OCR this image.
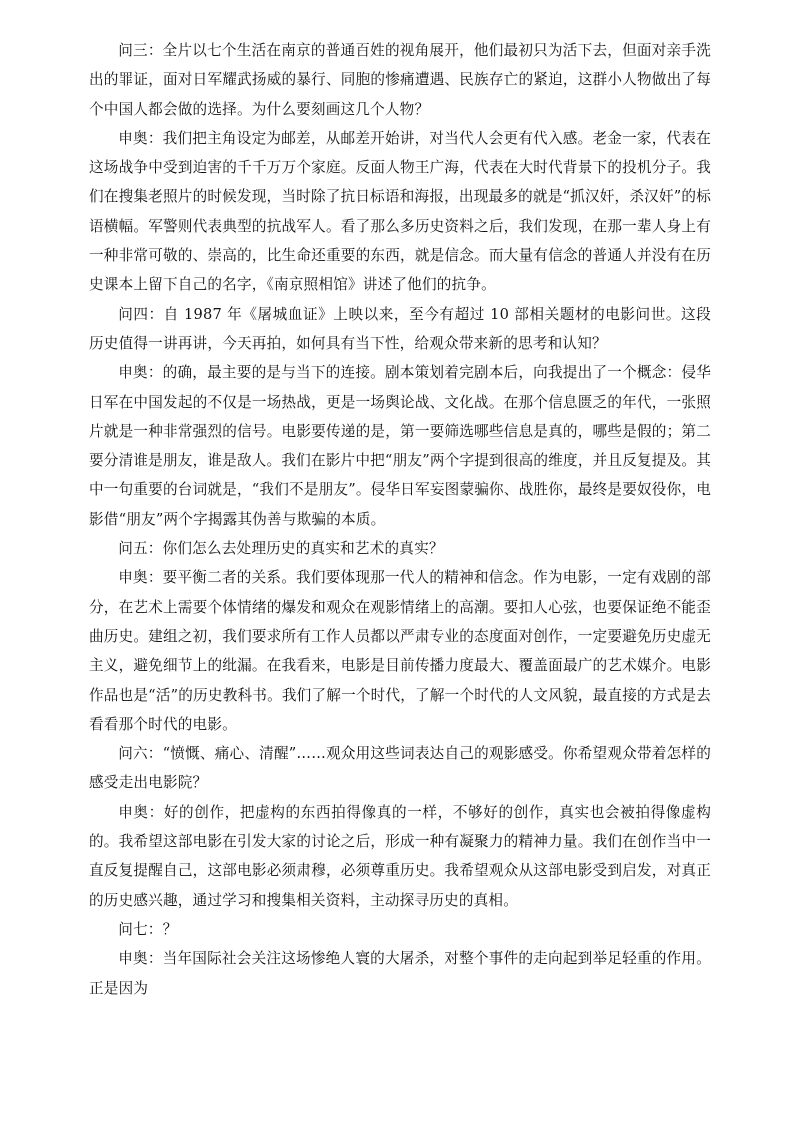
问三：全片以七个生活在南京的普通百姓的视角展开，他们最初只为活下去，但面对亲手洗出的罪证，面对日军耀武扬威的暴行、同胞的惨痛遭遇、民族存亡的紧迫，这群小人物做出了每个中国人都会做的选择。为什么要刻画这几个人物？

申奥：我们把主角设定为邮差，从邮差开始讲，对当代人会更有代入感。老金一家，代表在这场战争中受到迫害的千千万万个家庭。反面人物王广海，代表在大时代背景下的投机分子。我们在搜集老照片的时候发现，当时除了抗日标语和海报，出现最多的就是“抓汉奸，杀汉奸”的标语横幅。军警则代表典型的抗战军人。看了那么多历史资料之后，我们发现，在那一辈人身上有一种非常可敬的、崇高的，比生命还重要的东西，就是信念。而大量有信念的普通人并没有在历史课本上留下自己的名字，《南京照相馆》讲述了他们的抗争。

问四：自 1987 年《屠城血证》上映以来，至今有超过 10 部相关题材的电影问世。这段历史值得一讲再讲，今天再拍，如何具有当下性，给观众带来新的思考和认知？

申奥：的确，最主要的是与当下的连接。剧本策划着完剧本后，向我提出了一个概念：侵华日军在中国发起的不仅是一场热战，更是一场舆论战、文化战。在那个信息匮乏的年代，一张照片就是一种非常强烈的信号。电影要传递的是，第一要筛选哪些信息是真的，哪些是假的；第二要分清谁是朋友，谁是敌人。我们在影片中把“朋友”两个字提到很高的维度，并且反复提及。其中一句重要的台词就是，“我们不是朋友”。侵华日军妄图蒙骗你、战胜你，最终是要奴役你，电影借“朋友”两个字揭露其伪善与欺骗的本质。

问五：你们怎么去处理历史的真实和艺术的真实？

申奥：要平衡二者的关系。我们要体现那一代人的精神和信念。作为电影，一定有戏剧的部分，在艺术上需要个体情绪的爆发和观众在观影情绪上的高潮。要扣人心弦，也要保证绝不能歪曲历史。建组之初，我们要求所有工作人员都以严肃专业的态度面对创作，一定要避免历史虚无主义，避免细节上的纰漏。在我看来，电影是目前传播力度最大、覆盖面最广的艺术媒介。电影作品也是“活”的历史教科书。我们了解一个时代，了解一个时代的人文风貌，最直接的方式是去看看那个时代的电影。

问六：“愤慨、痛心、清醒”……观众用这些词表达自己的观影感受。你希望观众带着怎样的感受走出电影院？

申奥：好的创作，把虚构的东西拍得像真的一样，不够好的创作，真实也会被拍得像虚构的。我希望这部电影在引发大家的讨论之后，形成一种有凝聚力的精神力量。我们在创作当中一直反复提醒自己，这部电影必须肃穆，必须尊重历史。我希望观众从这部电影受到启发，对真正的历史感兴趣，通过学习和搜集相关资料，主动探寻历史的真相。

问七：？

申奥：当年国际社会关注这场惨绝人寰的大屠杀，对整个事件的走向起到举足轻重的作用。正是因为
